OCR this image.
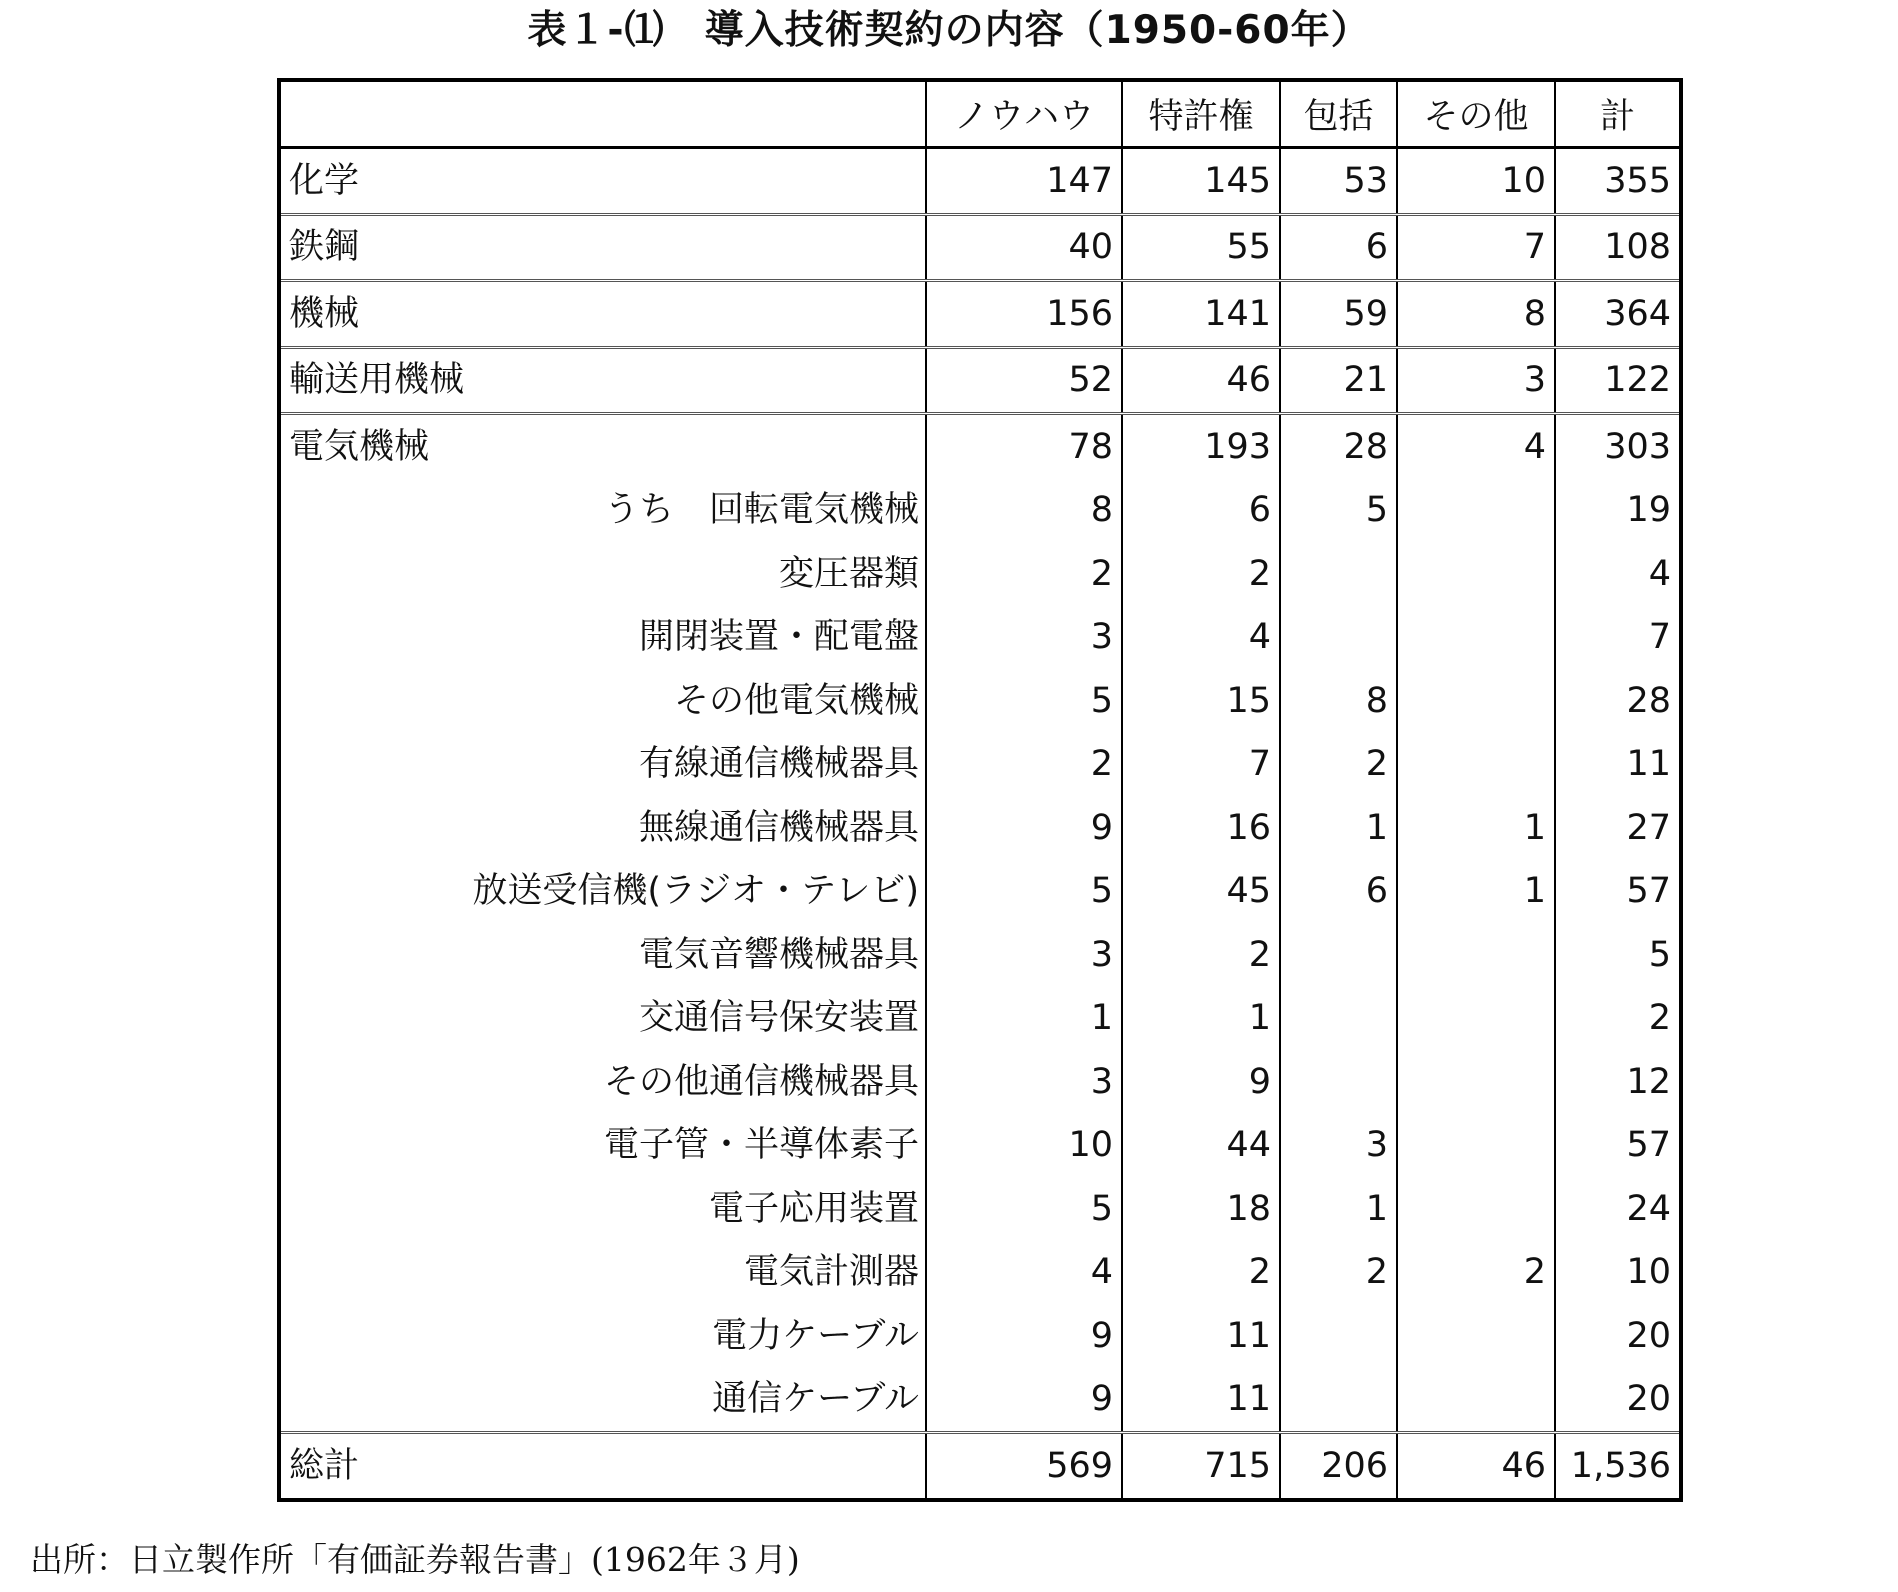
表１-⑴　導入技術契約の内容（1950-60年）
	ノウハウ	特許権	包括	その他	計
化学	147	145	53	10	355
鉄鋼	40	55	6	7	108
機械	156	141	59	8	364
輸送用機械	52	46	21	3	122
電気機械	78	193	28	4	303
うち　回転電気機械	8	6	5		19
変圧器類	2	2			4
開閉装置・配電盤	3	4			7
その他電気機械	5	15	8		28
有線通信機械器具	2	7	2		11
無線通信機械器具	9	16	1	1	27
放送受信機(ラジオ・テレビ)	5	45	6	1	57
電気音響機械器具	3	2			5
交通信号保安装置	1	1			2
その他通信機械器具	3	9			12
電子管・半導体素子	10	44	3		57
電子応用装置	5	18	1		24
電気計測器	4	2	2	2	10
電力ケーブル	9	11			20
通信ケーブル	9	11			20
総計	569	715	206	46	1,536
出所：日立製作所「有価証券報告書」(1962年３月)
